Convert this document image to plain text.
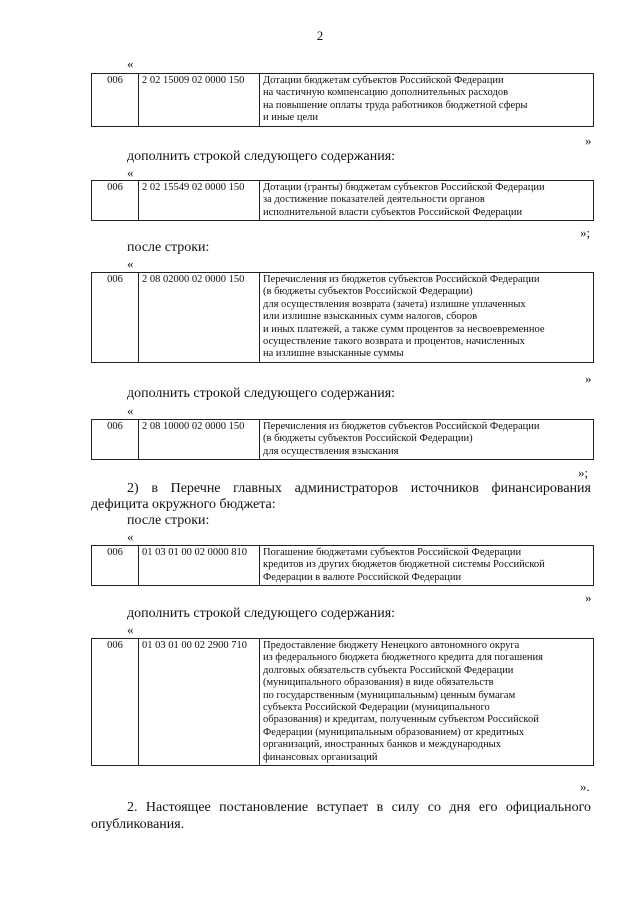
2
«
006	2 02 15009 02 0000 150	Дотации бюджетам субъектов Российской Федерации
на частичную компенсацию дополнительных расходов
на повышение оплаты труда работников бюджетной сферы
и иные цели
»
дополнить строкой следующего содержания:
«
006	2 02 15549 02 0000 150	Дотации (гранты) бюджетам субъектов Российской Федерации
за достижение показателей деятельности органов
исполнительной власти субъектов Российской Федерации
»;
после строки:
«
006	2 08 02000 02 0000 150	Перечисления из бюджетов субъектов Российской Федерации
(в бюджеты субъектов Российской Федерации)
для осуществления возврата (зачета) излишне уплаченных
или излишне взысканных сумм налогов, сборов
и иных платежей, а также сумм процентов за несвоевременное
осуществление такого возврата и процентов, начисленных
на излишне взысканные суммы
»
дополнить строкой следующего содержания:
«
006	2 08 10000 02 0000 150	Перечисления из бюджетов субъектов Российской Федерации
(в бюджеты субъектов Российской Федерации)
для осуществления взыскания
»;
2) в Перечне главных администраторов источников финансирования
дефицита окружного бюджета:
после строки:
«
006	01 03 01 00 02 0000 810	Погашение бюджетами субъектов Российской Федерации
кредитов из других бюджетов бюджетной системы Российской
Федерации в валюте Российской Федерации
»
дополнить строкой следующего содержания:
«
006	01 03 01 00 02 2900 710	Предоставление бюджету Ненецкого автономного округа
из федерального бюджета бюджетного кредита для погашения
долговых обязательств субъекта Российской Федерации
(муниципального образования) в виде обязательств
по государственным (муниципальным) ценным бумагам
субъекта Российской Федерации (муниципального
образования) и кредитам, полученным субъектом Российской
Федерации (муниципальным образованием) от кредитных
организаций, иностранных банков и международных
финансовых организаций
».
2. Настоящее постановление вступает в силу со дня его официального
опубликования.
